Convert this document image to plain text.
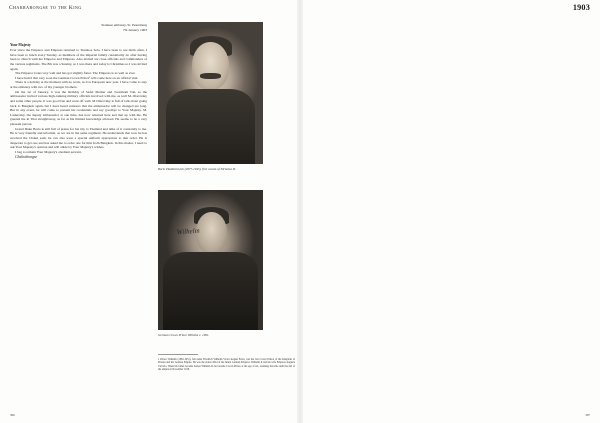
Chakrabongse to the King
Siamese embassy, St. Petersburg
7th January 1903
Your Majesty

Ever since the Emperor and Empress returned to Tsarskoe Selo, I have been to see them often. I have been to lunch every Sunday, as members of the imperial family customarily do after having been to church with the Emperor and Empress. Also invited are close officials and commanders of the various regiments. The 8th was a Sunday, so I was there and today is Christmas so I was invited again.

The Emperor looks very well and has got slightly fatter. The Empress is as well as ever.

I have heard that very soon the German Crown Prince¹ will come here on an official visit.

There is a holiday at the moment with no work, as it is European new year. I have come to stay at the embassy with two of my younger brothers.

On the 1st of January, it was the birthday of Sadet Mother and Toonmom Toh, so the ambassador invited various high-ranking military officials involved with me, as well M. Olarovsky and some other people. It was good fun and went off well. M Olarovsky is full of talk about going back to Bangkok again, but I have heard rumours that the ambassador will be changed ere long. But in any event, he will come to present his credentials and say goodbye to Your Majesty. M. Lashevsky, the deputy ambassador at one time, has now returned here and met up with me. He greeted me in Thai straightaway, as far as his limited knowledge allowed. He seems to be a very pleasant person.

Grand Duke Boris is still full of praise for his trip to Thailand and talks of it constantly to me. He is very friendly and informal, as we are in the same regiment. He understands that now he has received the Chakri sash, he can also wear a special uniform appropriate to that order. He is desperate to get one and has asked me to order one for him from Bangkok. In this matter, I need to ask Your Majesty's opinion and will abide by Your Majesty's wishes.

I beg to remain Your Majesty's obedient servant,

Chakrabongse

Boris Vladimirovich (1877-1943), first cousin of Nicholas II.
Wilhelm
German Crown Prince Wilhelm c. 1901.

1 Prince Wilhelm (1882-1951), full name Friedrich Wilhelm Victor August Ernst, was the last Crown Prince of the Kingdom of Prussia and the German Empire. He was the eldest child of the future German Emperor Wilhelm II and his wife Empress Augusta Victoria. When his father became Kaiser Wilhelm II, he became Crown Prince at the age of six, retaining that title until the fall of the empire in November 1918.

306
1903

307
